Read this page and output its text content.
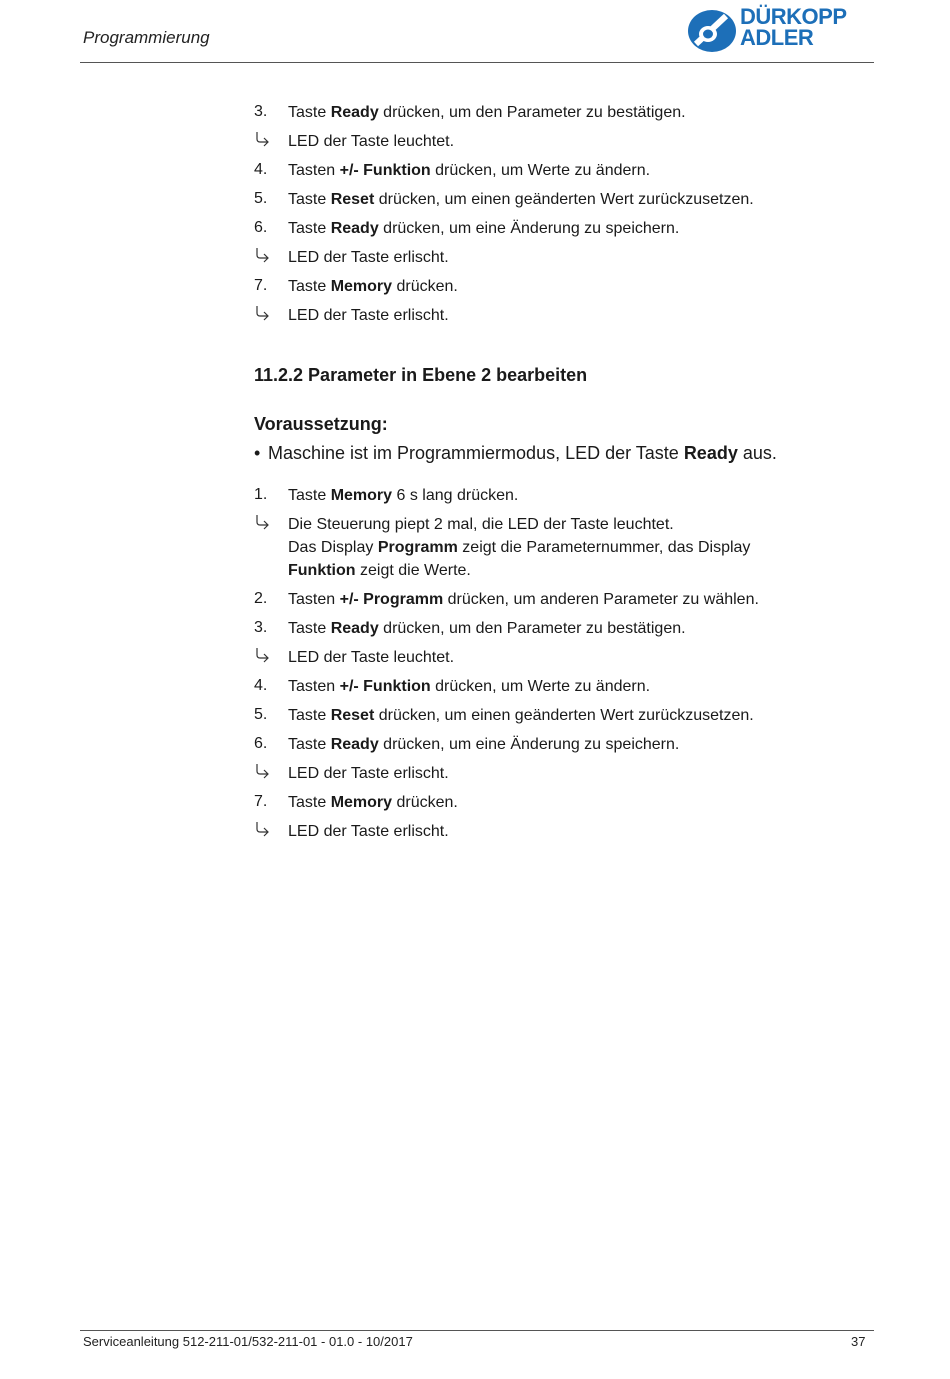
Programmierung
DÜRKOPP
ADLER
3.	Taste Ready drücken, um den Parameter zu bestätigen.
LED der Taste leuchtet.
4.	Tasten +/- Funktion drücken, um Werte zu ändern.
5.	Taste Reset drücken, um einen geänderten Wert zurückzusetzen.
6.	Taste Ready drücken, um eine Änderung zu speichern.
LED der Taste erlischt.
7.	Taste Memory drücken.
LED der Taste erlischt.
11.2.2 Parameter in Ebene 2 bearbeiten
Voraussetzung:
• Maschine ist im Programmiermodus, LED der Taste Ready aus.
1.	Taste Memory 6 s lang drücken.
Die Steuerung piept 2 mal, die LED der Taste leuchtet.
Das Display Programm zeigt die Parameternummer, das Display
Funktion zeigt die Werte.
2.	Tasten +/- Programm drücken, um anderen Parameter zu wählen.
3.	Taste Ready drücken, um den Parameter zu bestätigen.
LED der Taste leuchtet.
4.	Tasten +/- Funktion drücken, um Werte zu ändern.
5.	Taste Reset drücken, um einen geänderten Wert zurückzusetzen.
6.	Taste Ready drücken, um eine Änderung zu speichern.
LED der Taste erlischt.
7.	Taste Memory drücken.
LED der Taste erlischt.
Serviceanleitung 512-211-01/532-211-01 - 01.0 - 10/2017	37
